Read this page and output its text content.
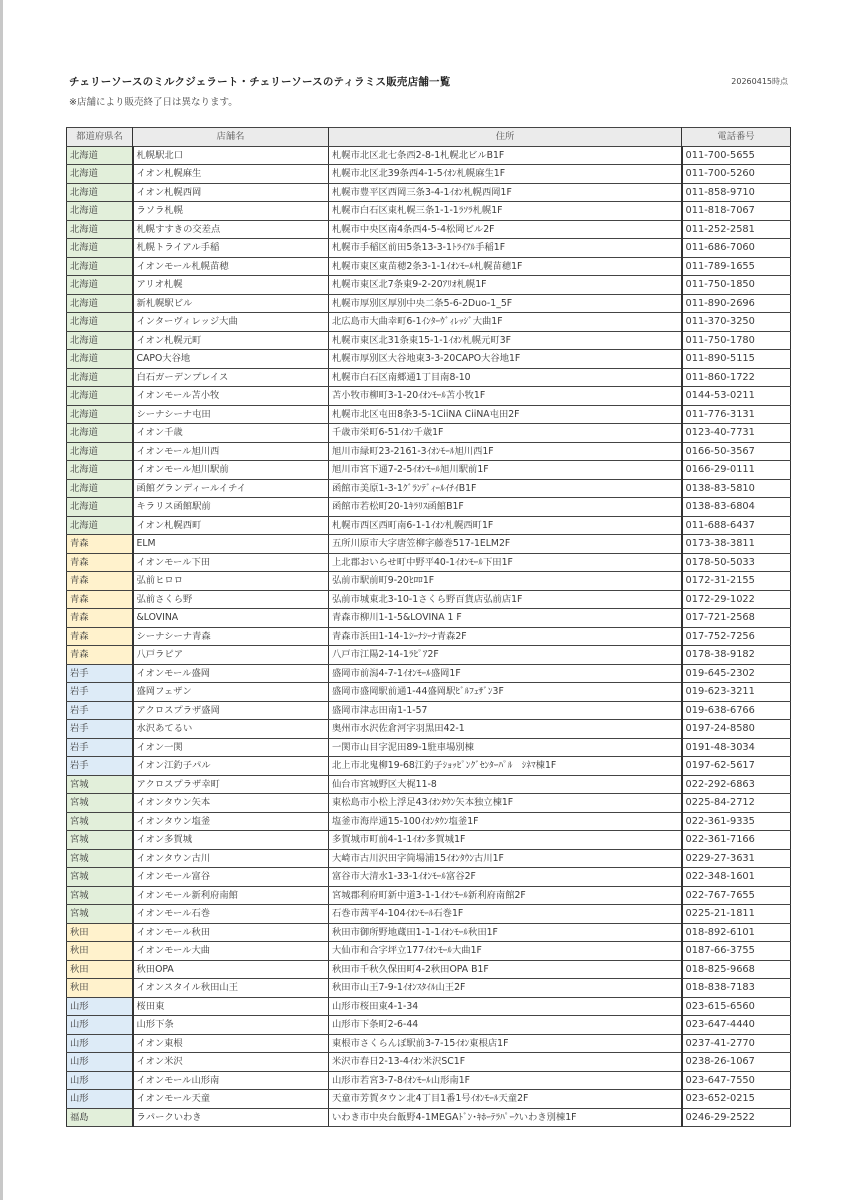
チェリーソースのミルクジェラート・チェリーソースのティラミス販売店舗一覧	20260415時点
※店舗により販売終了日は異なります。
都道府県名	店舗名	住所	電話番号
北海道	札幌駅北口	札幌市北区北七条西2-8-1札幌北ビルB1F	011-700-5655
北海道	イオン札幌麻生	札幌市北区北39条西4-1-5ｲｵﾝ札幌麻生1F	011-700-5260
北海道	イオン札幌西岡	札幌市豊平区西岡三条3-4-1ｲｵﾝ札幌西岡1F	011-858-9710
北海道	ラソラ札幌	札幌市白石区東札幌三条1-1-1ﾗｿﾗ札幌1F	011-818-7067
北海道	札幌すすきの交差点	札幌市中央区南4条西4-5-4松岡ビル2F	011-252-2581
北海道	札幌トライアル手稲	札幌市手稲区前田5条13-3-1ﾄﾗｲｱﾙ手稲1F	011-686-7060
北海道	イオンモール札幌苗穂	札幌市東区東苗穂2条3-1-1ｲｵﾝﾓｰﾙ札幌苗穂1F	011-789-1655
北海道	アリオ札幌	札幌市東区北7条東9-2-20ｱﾘｵ札幌1F	011-750-1850
北海道	新札幌駅ビル	札幌市厚別区厚別中央二条5-6-2Duo-1_5F	011-890-2696
北海道	インターヴィレッジ大曲	北広島市大曲幸町6-1ｲﾝﾀｰｳﾞｨﾚｯｼﾞ大曲1F	011-370-3250
北海道	イオン札幌元町	札幌市東区北31条東15-1-1ｲｵﾝ札幌元町3F	011-750-1780
北海道	CAPO大谷地	札幌市厚別区大谷地東3-3-20CAPO大谷地1F	011-890-5115
北海道	白石ガーデンプレイス	札幌市白石区南郷通1丁目南8-10	011-860-1722
北海道	イオンモール苫小牧	苫小牧市柳町3-1-20ｲｵﾝﾓｰﾙ苫小牧1F	0144-53-0211
北海道	シーナシーナ屯田	札幌市北区屯田8条3-5-1CiiNA CiiNA屯田2F	011-776-3131
北海道	イオン千歳	千歳市栄町6-51ｲｵﾝ千歳1F	0123-40-7731
北海道	イオンモール旭川西	旭川市緑町23-2161-3ｲｵﾝﾓｰﾙ旭川西1F	0166-50-3567
北海道	イオンモール旭川駅前	旭川市宮下通7-2-5ｲｵﾝﾓｰﾙ旭川駅前1F	0166-29-0111
北海道	函館グランディールイチイ	函館市美原1-3-1ｸﾞﾗﾝﾃﾞｨｰﾙｲﾁｲB1F	0138-83-5810
北海道	キラリス函館駅前	函館市若松町20-1ｷﾗﾘｽ函館B1F	0138-83-6804
北海道	イオン札幌西町	札幌市西区西町南6-1-1ｲｵﾝ札幌西町1F	011-688-6437
青森	ELM	五所川原市大字唐笠柳字藤巻517-1ELM2F	0173-38-3811
青森	イオンモール下田	上北郡おいらせ町中野平40-1ｲｵﾝﾓｰﾙ下田1F	0178-50-5033
青森	弘前ヒロロ	弘前市駅前町9-20ﾋﾛﾛ1F	0172-31-2155
青森	弘前さくら野	弘前市城東北3-10-1さくら野百貨店弘前店1F	0172-29-1022
青森	&LOVINA	青森市柳川1-1-5&LOVINA 1 F	017-721-2568
青森	シーナシーナ青森	青森市浜田1-14-1ｼｰﾅｼｰﾅ青森2F	017-752-7256
青森	八戸ラピア	八戸市江陽2-14-1ﾗﾋﾟｱ2F	0178-38-9182
岩手	イオンモール盛岡	盛岡市前潟4-7-1ｲｵﾝﾓｰﾙ盛岡1F	019-645-2302
岩手	盛岡フェザン	盛岡市盛岡駅前通1-44盛岡駅ﾋﾞﾙﾌｪｻﾞﾝ3F	019-623-3211
岩手	アクロスプラザ盛岡	盛岡市津志田南1-1-57	019-638-6766
岩手	水沢あてるい	奥州市水沢佐倉河字羽黒田42-1	0197-24-8580
岩手	イオン一関	一関市山目字泥田89-1駐車場別棟	0191-48-3034
岩手	イオン江釣子パル	北上市北鬼柳19-68江釣子ｼｮｯﾋﾟﾝｸﾞｾﾝﾀｰﾊﾟﾙ　ｼﾈﾏ棟1F	0197-62-5617
宮城	アクロスプラザ幸町	仙台市宮城野区大梶11-8	022-292-6863
宮城	イオンタウン矢本	東松島市小松上浮足43ｲｵﾝﾀｳﾝ矢本独立棟1F	0225-84-2712
宮城	イオンタウン塩釜	塩釜市海岸通15-100ｲｵﾝﾀｳﾝ塩釜1F	022-361-9335
宮城	イオン多賀城	多賀城市町前4-1-1ｲｵﾝ多賀城1F	022-361-7166
宮城	イオンタウン古川	大崎市古川沢田字筒場浦15ｲｵﾝﾀｳﾝ古川1F	0229-27-3631
宮城	イオンモール富谷	富谷市大清水1-33-1ｲｵﾝﾓｰﾙ富谷2F	022-348-1601
宮城	イオンモール新利府南館	宮城郡利府町新中道3-1-1ｲｵﾝﾓｰﾙ新利府南館2F	022-767-7655
宮城	イオンモール石巻	石巻市茜平4-104ｲｵﾝﾓｰﾙ石巻1F	0225-21-1811
秋田	イオンモール秋田	秋田市御所野地蔵田1-1-1ｲｵﾝﾓｰﾙ秋田1F	018-892-6101
秋田	イオンモール大曲	大仙市和合字坪立177ｲｵﾝﾓｰﾙ大曲1F	0187-66-3755
秋田	秋田OPA	秋田市千秋久保田町4-2秋田OPA B1F	018-825-9668
秋田	イオンスタイル秋田山王	秋田市山王7-9-1ｲｵﾝｽﾀｲﾙ山王2F	018-838-7183
山形	桜田東	山形市桜田東4-1-34	023-615-6560
山形	山形下条	山形市下条町2-6-44	023-647-4440
山形	イオン東根	東根市さくらんぼ駅前3-7-15ｲｵﾝ東根店1F	0237-41-2770
山形	イオン米沢	米沢市春日2-13-4ｲｵﾝ米沢SC1F	0238-26-1067
山形	イオンモール山形南	山形市若宮3-7-8ｲｵﾝﾓｰﾙ山形南1F	023-647-7550
山形	イオンモール天童	天童市芳賀タウン北4丁目1番1号ｲｵﾝﾓｰﾙ天童2F	023-652-0215
福島	ラパークいわき	いわき市中央台飯野4-1MEGAﾄﾞﾝ･ｷﾎｰﾃﾗﾊﾟｰｸいわき別棟1F	0246-29-2522
